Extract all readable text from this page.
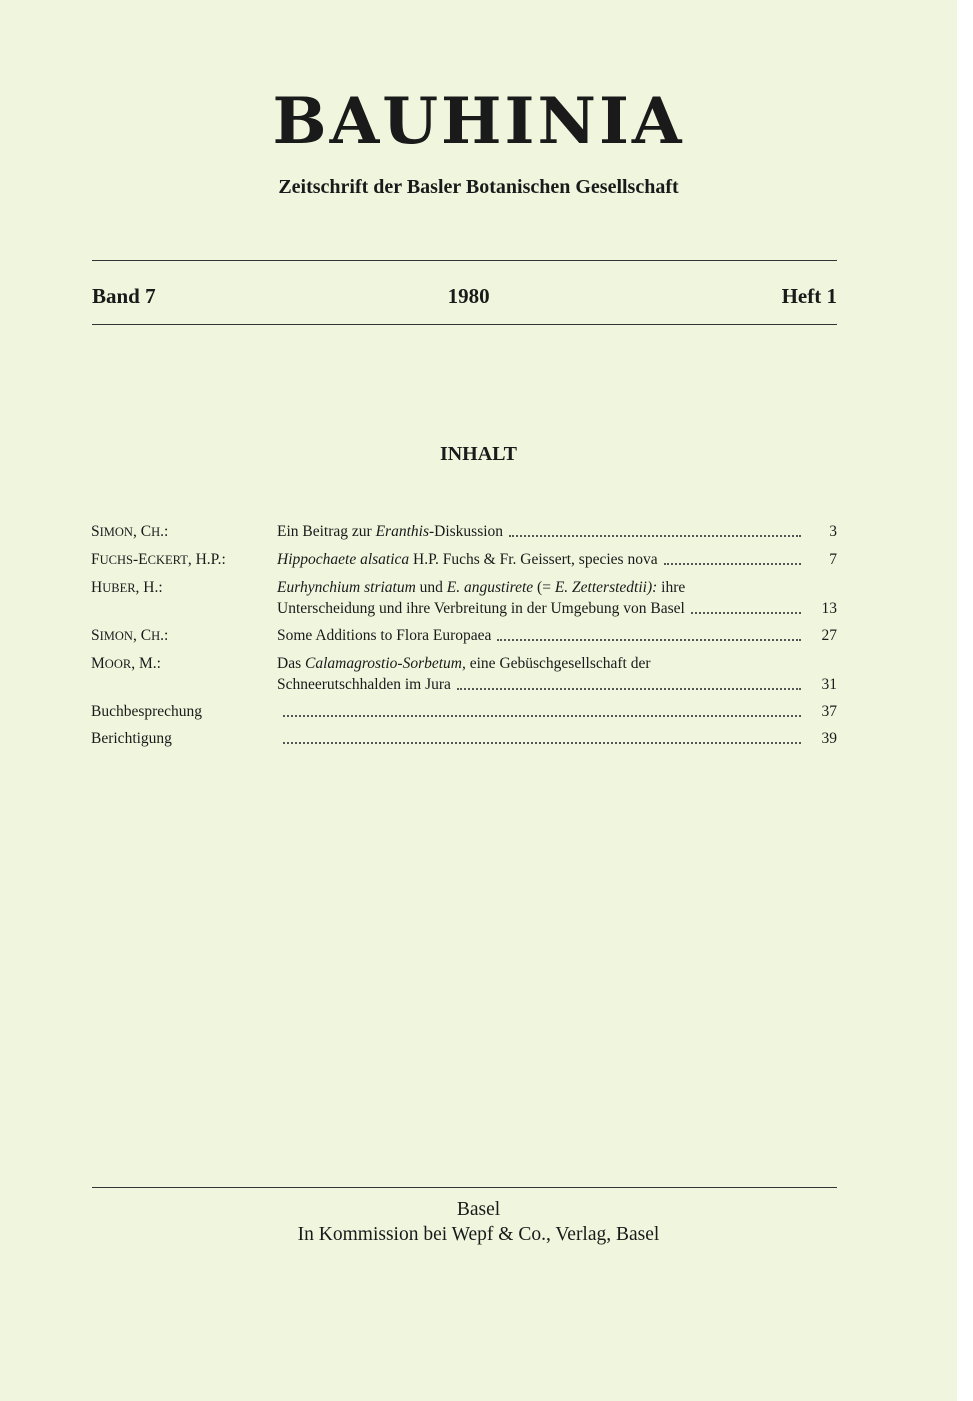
BAUHINIA
Zeitschrift der Basler Botanischen Gesellschaft
Band 7	1980	Heft 1
INHALT
SIMON, CH.:	Ein Beitrag zur Eranthis-Diskussion	3
FUCHS-ECKERT, H.P.:	Hippochaete alsatica H.P. Fuchs & Fr. Geissert, species nova	7
HUBER, H.:	Eurhynchium striatum und E. angustirete (= E. Zetterstedtii): ihre
Unterscheidung und ihre Verbreitung in der Umgebung von Basel	13
SIMON, CH.:	Some Additions to Flora Europaea	27
MOOR, M.:	Das Calamagrostio-Sorbetum, eine Gebüschgesellschaft der
Schneerutschhalden im Jura	31
Buchbesprechung	37
Berichtigung	39
Basel
In Kommission bei Wepf & Co., Verlag, Basel
